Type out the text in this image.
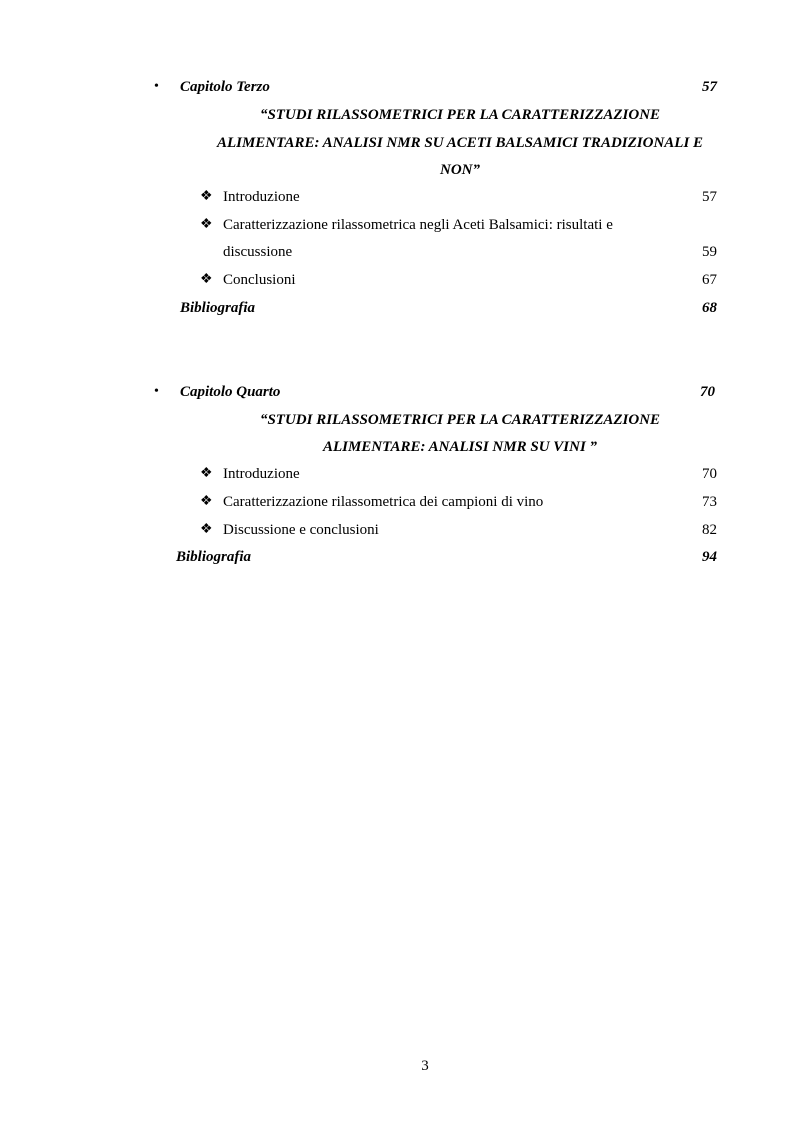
• Capitolo Terzo	57
“STUDI RILASSOMETRICI PER LA CARATTERIZZAZIONE
ALIMENTARE: ANALISI NMR SU ACETI BALSAMICI TRADIZIONALI E
NON”
❖ Introduzione	57
❖ Caratterizzazione rilassometrica negli Aceti Balsamici: risultati e
discussione	59
❖ Conclusioni	67
Bibliografia	68
• Capitolo Quarto	70
“STUDI RILASSOMETRICI PER LA CARATTERIZZAZIONE
ALIMENTARE: ANALISI NMR SU VINI ”
❖ Introduzione	70
❖ Caratterizzazione rilassometrica dei campioni di vino	73
❖ Discussione e conclusioni	82
Bibliografia	94
3
